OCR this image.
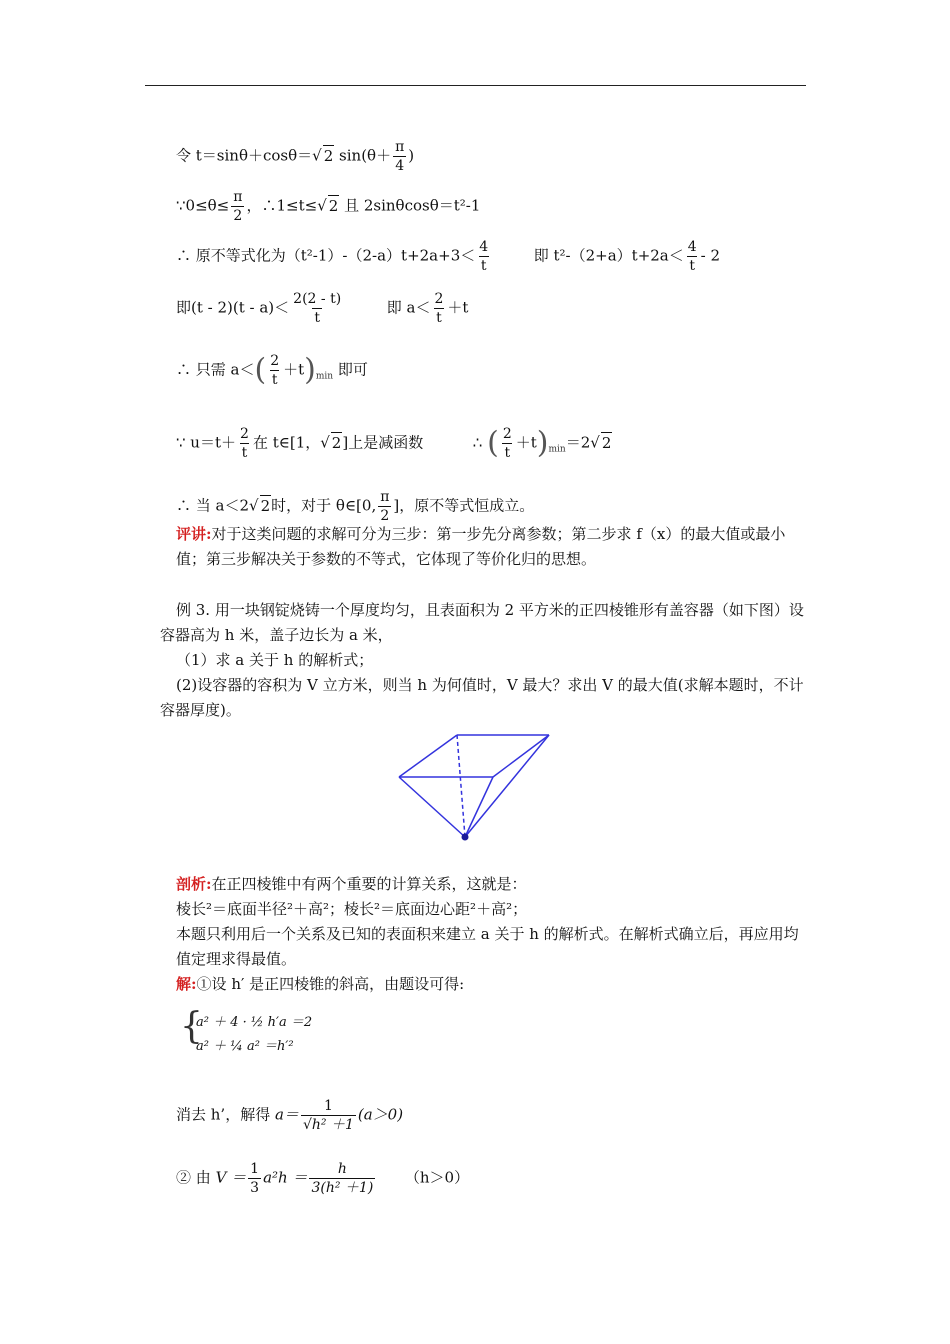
令 t＝sinθ＋cosθ＝√ 2 $\sin(\theta+ \frac{\pi}{4}$ )
∵0≤θ≤ $\frac{\pi}{2}$ ，∴1≤t≤√ 2 且 2sinθcosθ＝t²-1
∴ 原不等式化为$(t^2-1)-(2-a)t+2a+3< \frac{4}{t}$	即 $t^2-(2+a)t+2a< \frac{4}{t} - 2$
即$(t - 2)(t - a)< \frac{2(2 - t)}{t}$	即 $a< \frac{2}{t} +t$
∴ 只需 $a<( \frac{2}{t} +t)_{min}$ 即可
∵ $u=t+ \frac{2}{t}$ 在 t∈[1，√ 2]上是减函数	∴ ( $\frac{2}{t} +t)_{min}=2√$ 2
∴ 当 a＜2√ 2时，对于 θ∈[0, $\frac{\pi}{2}$ ]，原不等式恒成立。
评讲:对于这类问题的求解可分为三步：第一步先分离参数；第二步求 f（x）的最大值或最小值；第三步解决关于参数的不等式，它体现了等价化归的思想。
例 3. 用一块钢锭烧铸一个厚度均匀，且表面积为 2 平方米的正四棱锥形有盖容器（如下图）设容器高为 h 米，盖子边长为 a 米，
（1）求 a 关于 h 的解析式；
(2)设容器的容积为 V 立方米，则当 h 为何值时，V 最大？求出 V 的最大值(求解本题时，不计容器厚度)。
剖析:在正四棱锥中有两个重要的计算关系，这就是：
棱长²＝底面半径²＋高²；棱长²＝底面边心距²＋高²；
本题只利用后一个关系及已知的表面积来建立 a 关于 h 的解析式。在解析式确立后，再应用均值定理求得最值。
解:①设 h′ 是正四棱锥的斜高，由题设可得:
{
a² ＋ 4 · ½ h′a ＝2
a² ＋ ¼ a² ＝h′²
消去 h’，解得 $a= \frac{1}{\text{√h² ＋1}} (a>0)$
② 由 $V = \frac{1}{3} a^2h = \frac{h}{\text{3(h² ＋1)}} (h>0)$
